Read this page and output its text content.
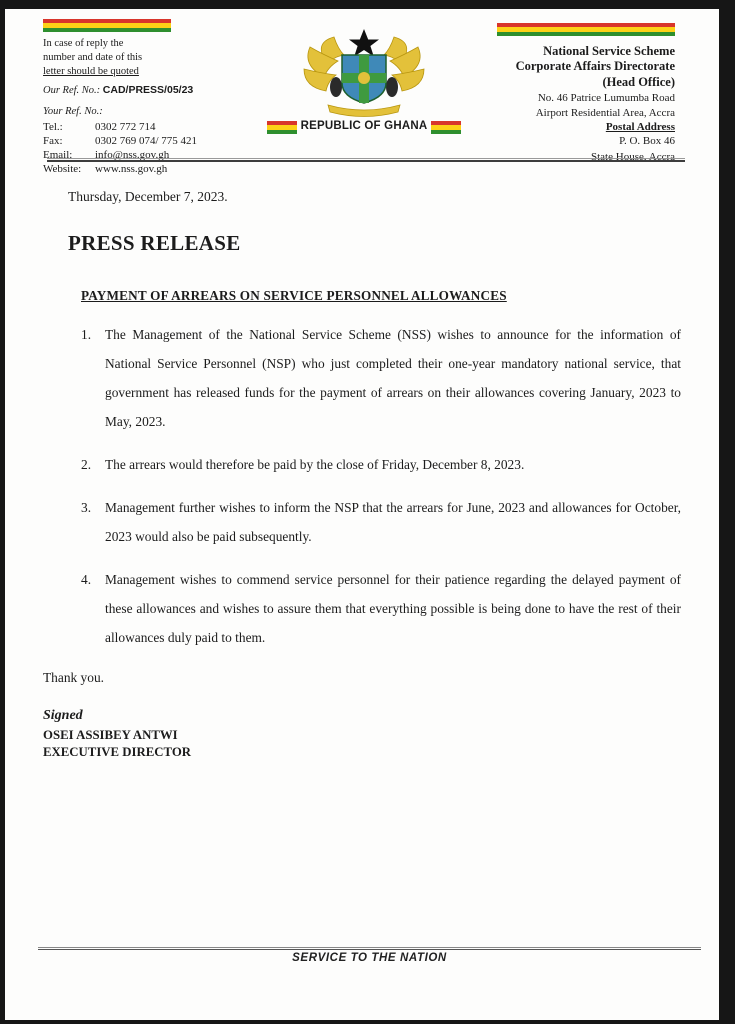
In case of reply the
number and date of this
letter should be quoted
Our Ref. No.: CAD/PRESS/05/23
Your Ref. No.:
Tel.:	0302 772 714
Fax:	0302 769 074/ 775 421
Email:	info@nss.gov.gh
Website:	www.nss.gov.gh
REPUBLIC OF GHANA
National Service Scheme
Corporate Affairs Directorate
(Head Office)
No. 46 Patrice Lumumba Road
Airport Residential Area, Accra
Postal Address
P. O. Box 46
State House, Accra
Thursday, December 7, 2023.
PRESS RELEASE
PAYMENT OF ARREARS ON SERVICE PERSONNEL ALLOWANCES
1.	The Management of the National Service Scheme (NSS) wishes to announce for the information of National Service Personnel (NSP) who just completed their one-year mandatory national service, that government has released funds for the payment of arrears on their allowances covering January, 2023 to May, 2023.
2.	The arrears would therefore be paid by the close of Friday, December 8, 2023.
3.	Management further wishes to inform the NSP that the arrears for June, 2023 and allowances for October, 2023 would also be paid subsequently.
4.	Management wishes to commend service personnel for their patience regarding the delayed payment of these allowances and wishes to assure them that everything possible is being done to have the rest of their allowances duly paid to them.
Thank you.
Signed
OSEI ASSIBEY ANTWI
EXECUTIVE DIRECTOR
SERVICE TO THE NATION
